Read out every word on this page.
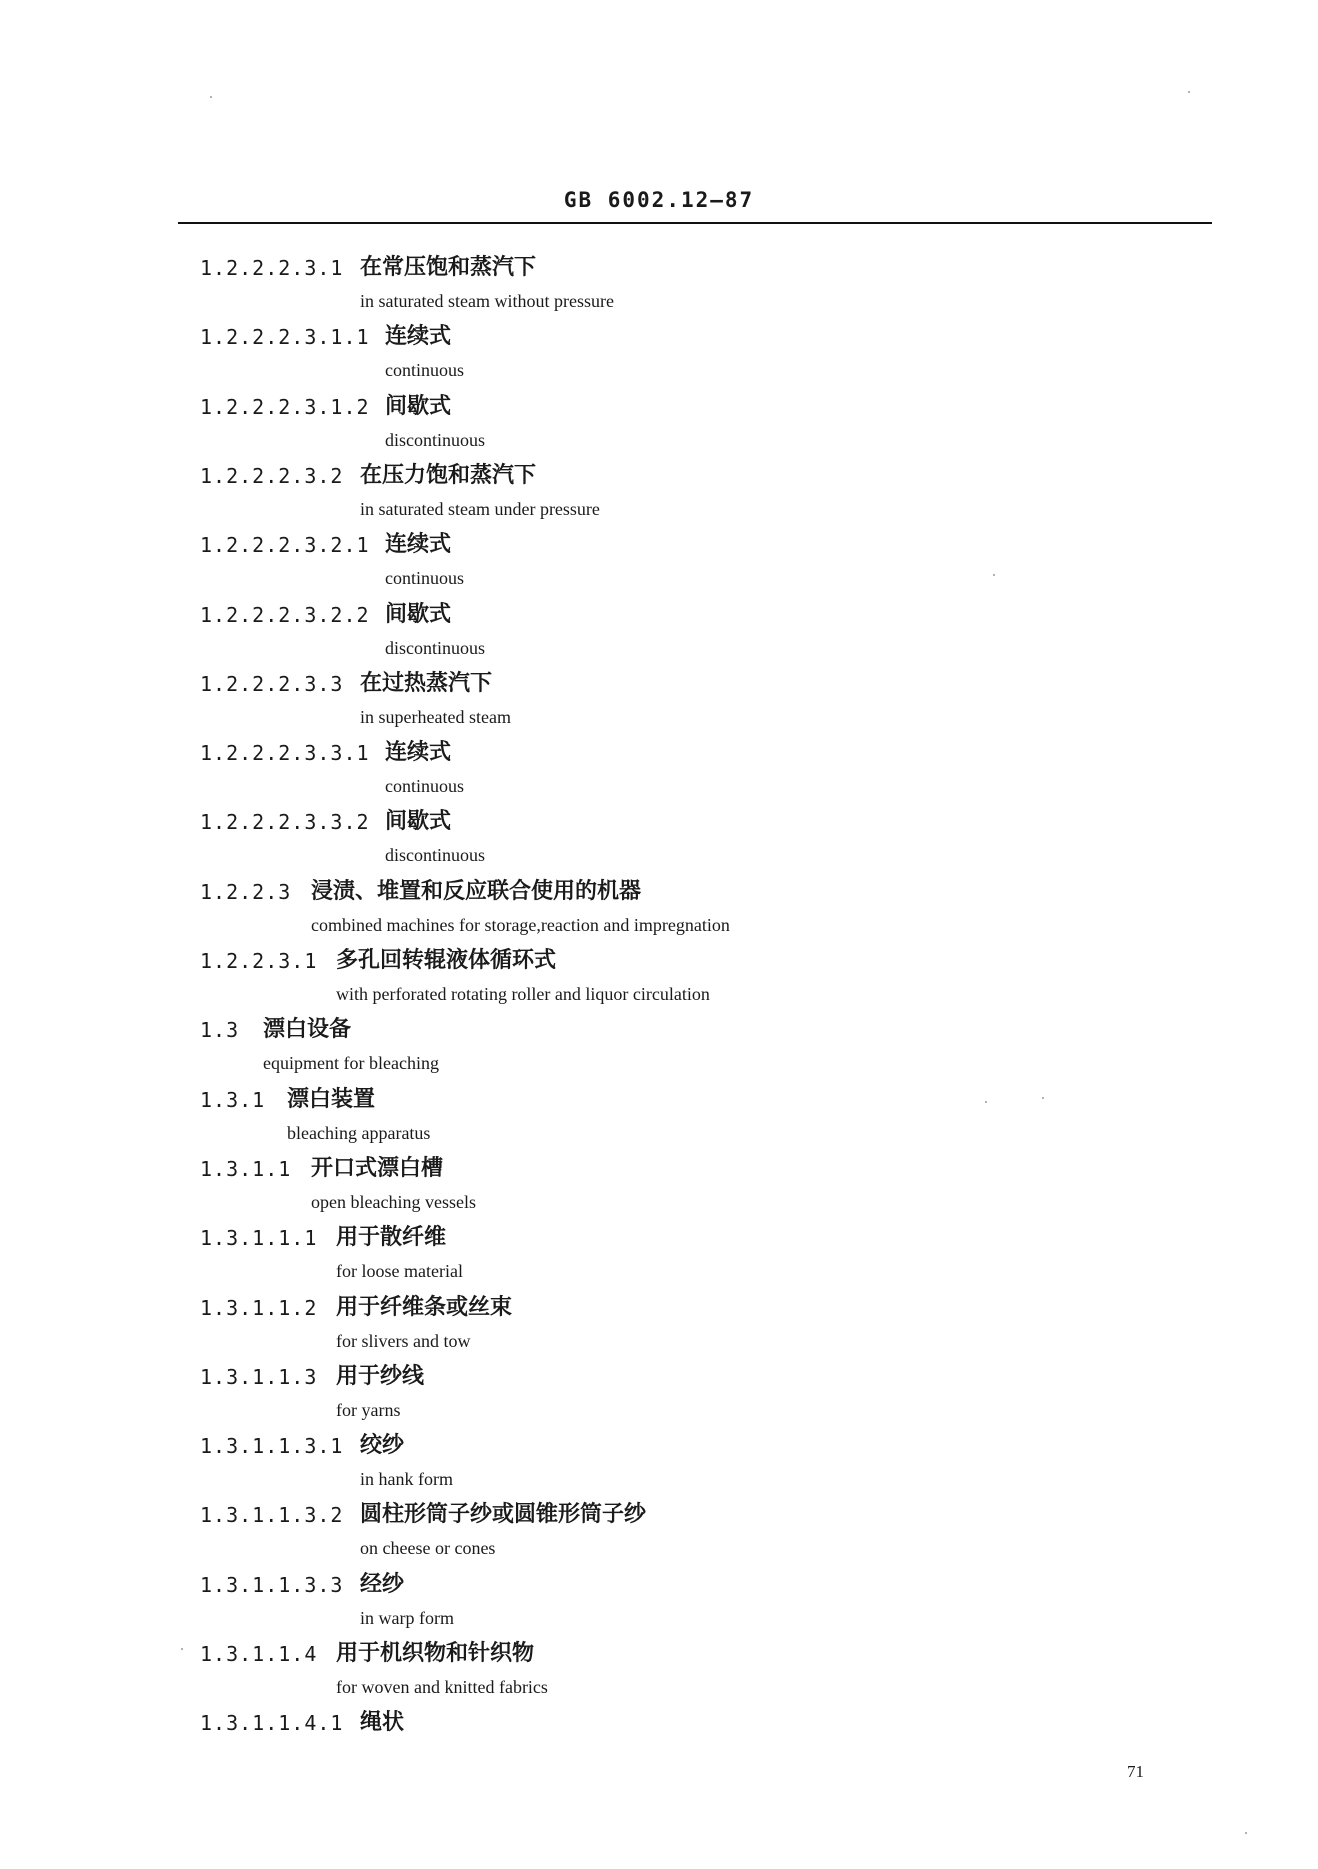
GB 6002.12—87
1.2.2.2.3.1 在常压饱和蒸汽下
in saturated steam without pressure
1.2.2.2.3.1.1 连续式
continuous
1.2.2.2.3.1.2 间歇式
discontinuous
1.2.2.2.3.2 在压力饱和蒸汽下
in saturated steam under pressure
1.2.2.2.3.2.1 连续式
continuous
1.2.2.2.3.2.2 间歇式
discontinuous
1.2.2.2.3.3 在过热蒸汽下
in superheated steam
1.2.2.2.3.3.1 连续式
continuous
1.2.2.2.3.3.2 间歇式
discontinuous
1.2.2.3 浸渍、堆置和反应联合使用的机器
combined machines for storage,reaction and impregnation
1.2.2.3.1 多孔回转辊液体循环式
with perforated rotating roller and liquor circulation
1.3 漂白设备
equipment for bleaching
1.3.1 漂白装置
bleaching apparatus
1.3.1.1 开口式漂白槽
open bleaching vessels
1.3.1.1.1 用于散纤维
for loose material
1.3.1.1.2 用于纤维条或丝束
for slivers and tow
1.3.1.1.3 用于纱线
for yarns
1.3.1.1.3.1 绞纱
in hank form
1.3.1.1.3.2 圆柱形筒子纱或圆锥形筒子纱
on cheese or cones
1.3.1.1.3.3 经纱
in warp form
1.3.1.1.4 用于机织物和针织物
for woven and knitted fabrics
1.3.1.1.4.1 绳状
71
